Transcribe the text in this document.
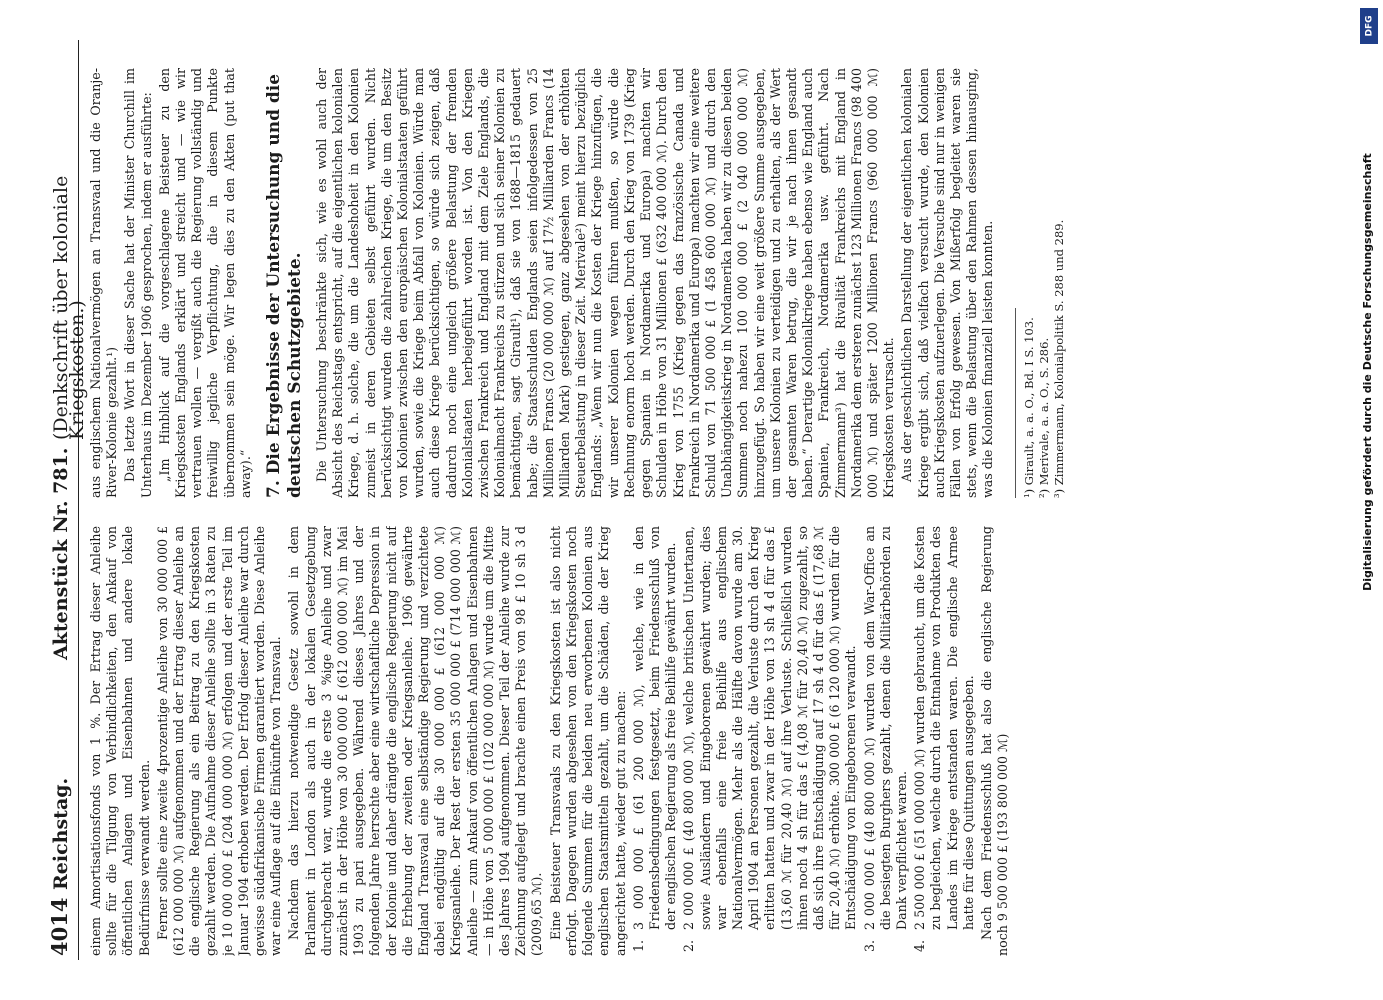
4014
Reichstag.
Aktenstück Nr. 781.
(Denkschrift über koloniale Kriegskosten.)

einem Amortisationsfonds von 1 %. Der Ertrag dieser Anleihe sollte für die Tilgung von Verbindlichkeiten, den Ankauf von öffentlichen Anlagen und Eisenbahnen und andere lokale Bedürfnisse verwandt werden. Ferner sollte eine zweite 4prozentige Anleihe von 30 000 000 £ (612 000 000 ℳ) aufgenommen und der Ertrag dieser Anleihe an die englische Regierung als ein Beitrag zu den Kriegskosten gezahlt werden. Die Aufnahme dieser Anleihe sollte in 3 Raten zu je 10 000 000 £ (204 000 000 ℳ) erfolgen und der erste Teil im Januar 1904 erhoben werden. Der Erfolg dieser Anleihe war durch gewisse südafrikanische Firmen garantiert worden. Diese Anleihe war eine Auflage auf die Einkünfte von Transvaal. Nachdem das hierzu notwendige Gesetz sowohl in dem Parlament in London als auch in der lokalen Gesetzgebung durchgebracht war, wurde die erste 3 %ige Anleihe und zwar zunächst in der Höhe von 30 000 000 £ (612 000 000 ℳ) im Mai 1903 zu pari ausgegeben. Während dieses Jahres und der folgenden Jahre herrschte aber eine wirtschaftliche Depression in der Kolonie und daher drängte die englische Regierung nicht auf die Erhebung der zweiten oder Kriegsanleihe. 1906 gewährte England Transvaal eine selbständige Regierung und verzichtete dabei endgültig auf die 30 000 000 £ (612 000 000 ℳ) Kriegsanleihe. Der Rest der ersten 35 000 000 £ (714 000 000 ℳ) Anleihe — zum Ankauf von öffentlichen Anlagen und Eisenbahnen — in Höhe von 5 000 000 £ (102 000 000 ℳ) wurde um die Mitte des Jahres 1904 aufgenommen. Dieser Teil der Anleihe wurde zur Zeichnung aufgelegt und brachte einen Preis von 98 £ 10 sh 3 d (2009,65 ℳ). Eine Beisteuer Transvaals zu den Kriegskosten ist also nicht erfolgt. Dagegen wurden abgesehen von den Kriegskosten noch folgende Summen für die beiden neu erworbenen Kolonien aus englischen Staatsmitteln gezahlt, um die Schäden, die der Krieg angerichtet hatte, wieder gut zu machen: 1.
3 000 000 £ (61 200 000 ℳ), welche, wie in den Friedensbedingungen festgesetzt, beim Friedensschluß von der englischen Regierung als freie Beihilfe gewährt wurden.
2.
2 000 000 £ (40 800 000 ℳ), welche britischen Untertanen, sowie Ausländern und Eingeborenen gewährt wurden; dies war ebenfalls eine freie Beihilfe aus englischem Nationalvermögen. Mehr als die Hälfte davon wurde am 30. April 1904 an Personen gezahlt, die Verluste durch den Krieg erlitten hatten und zwar in der Höhe von 13 sh 4 d für das £ (13,60 ℳ für 20,40 ℳ) auf ihre Verluste. Schließlich wurden ihnen noch 4 sh für das £ (4,08 ℳ für 20,40 ℳ) zugezahlt, so daß sich ihre Entschädigung auf 17 sh 4 d für das £ (17,68 ℳ für 20,40 ℳ) erhöhte. 300 000 £ (6 120 000 ℳ) wurden für die Entschädigung von Eingeborenen verwandt.
3.
2 000 000 £ (40 800 000 ℳ) wurden von dem War-Office an die besiegten Burghers gezahlt, denen die Militärbehörden zu Dank verpflichtet waren.
4.
2 500 000 £ (51 000 000 ℳ) wurden gebraucht, um die Kosten zu begleichen, welche durch die Entnahme von Produkten des Landes im Kriege entstanden waren. Die englische Armee hatte für diese Quittungen ausgegeben. Nach dem Friedensschluß hat also die englische Regierung noch 9 500 000 £ (193 800 000 ℳ)

aus englischem Nationalvermögen an Transvaal und die Oranje-River-Kolonie gezahlt.¹) Das letzte Wort in dieser Sache hat der Minister Churchill im Unterhaus im Dezember 1906 gesprochen, indem er ausführte: „Im Hinblick auf die vorgeschlagene Beisteuer zu den Kriegskosten Englands erklärt und streicht und — wie wir vertrauen wollen — vergißt auch die Regierung vollständig und freiwillig jegliche Verpflichtung, die in diesem Punkte übernommen sein möge. Wir legen dies zu den Akten (put that away).“ 7. Die Ergebnisse der Untersuchung und die deutschen Schutzgebiete. Die Untersuchung beschränkte sich, wie es wohl auch der Absicht des Reichstags entspricht, auf die eigentlichen kolonialen Kriege, d. h. solche, die um die Landeshoheit in den Kolonien zumeist in deren Gebieten selbst geführt wurden. Nicht berücksichtigt wurden die zahlreichen Kriege, die um den Besitz von Kolonien zwischen den europäischen Kolonialstaaten geführt wurden, sowie die Kriege beim Abfall von Kolonien. Würde man auch diese Kriege berücksichtigen, so würde sich zeigen, daß dadurch noch eine ungleich größere Belastung der fremden Kolonialstaaten herbeigeführt worden ist. Von den Kriegen zwischen Frankreich und England mit dem Ziele Englands, die Kolonialmacht Frankreichs zu stürzen und sich seiner Kolonien zu bemächtigen, sagt Girault¹), daß sie von 1688—1815 gedauert habe; die Staatsschulden Englands seien infolgedessen von 25 Millionen Francs (20 000 000 ℳ) auf 17½ Milliarden Francs (14 Milliarden Mark) gestiegen, ganz abgesehen von der erhöhten Steuerbelastung in dieser Zeit. Merivale²) meint hierzu bezüglich Englands: „Wenn wir nun die Kosten der Kriege hinzufügen, die wir unserer Kolonien wegen führen mußten, so würde die Rechnung enorm hoch werden. Durch den Krieg von 1739 (Krieg gegen Spanien in Nordamerika und Europa) machten wir Schulden in Höhe von 31 Millionen £ (632 400 000 ℳ). Durch den Krieg von 1755 (Krieg gegen das französische Canada und Frankreich in Nordamerika und Europa) machten wir eine weitere Schuld von 71 500 000 £ (1 458 600 000 ℳ) und durch den Unabhängigkeitskrieg in Nordamerika haben wir zu diesen beiden Summen noch nahezu 100 000 000 £ (2 040 000 000 ℳ) hinzugefügt. So haben wir eine weit größere Summe ausgegeben, um unsere Kolonien zu verteidigen und zu erhalten, als der Wert der gesamten Waren betrug, die wir je nach ihnen gesandt haben.“ Derartige Kolonialkriege haben ebenso wie England auch Spanien, Frankreich, Nordamerika usw. geführt. Nach Zimmermann³) hat die Rivalität Frankreichs mit England in Nordamerika dem ersteren zunächst 123 Millionen Francs (98 400 000 ℳ) und später 1200 Millionen Francs (960 000 000 ℳ) Kriegskosten verursacht. Aus der geschichtlichen Darstellung der eigentlichen kolonialen Kriege ergibt sich, daß vielfach versucht wurde, den Kolonien auch Kriegskosten aufzuerlegen. Die Versuche sind nur in wenigen Fällen von Erfolg gewesen. Von Mißerfolg begleitet waren sie stets, wenn die Belastung über den Rahmen dessen hinausging, was die Kolonien finanziell leisten konnten. ¹) Girault, a. a. O., Bd. I S. 103. ²) Merivale, a. a. O., S. 286. ³) Zimmermann, Kolonialpolitik S. 288 und 289.
DFG
Digitalisierung gefördert durch die Deutsche Forschungsgemeinschaft
